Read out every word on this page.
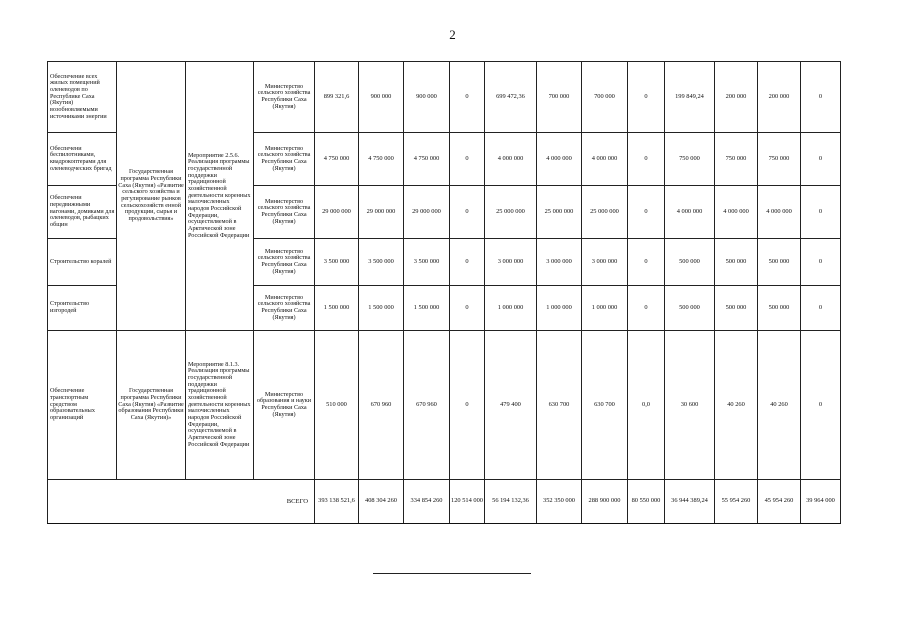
2
Обеспечение всех жилых помещений оленеводов по Республике Саха (Якутия) возобновляемыми источниками энергии	Государственная программа Республики Саха (Якутия) «Развитие сельского хозяйства и регулирование рынков сельскохозяйств енной продукции, сырья и продовольствия»	Мероприятие 2.5.6. Реализация программы государственной поддержки традиционной хозяйственной деятельности коренных малочисленных народов Российской Федерации, осуществляемой в Арктической зоне Российской Федерации	Министерство сельского хозяйства Республики Саха (Якутия)	899 321,6	900 000	900 000	0	699 472,36	700 000	700 000	0	199 849,24	200 000	200 000	0
Обеспечени беспилотниками, квадрокоптерами для оленеводческих бригад			Министерство сельского хозяйства Республики Саха (Якутия)	4 750 000	4 750 000	4 750 000	0	4 000 000	4 000 000	4 000 000	0	750 000	750 000	750 000	0
Обеспечени передвижными вагонами, домиками для оленеводов, рыбацких общин			Министерство сельского хозяйства Республики Саха (Якутия)	29 000 000	29 000 000	29 000 000	0	25 000 000	25 000 000	25 000 000	0	4 000 000	4 000 000	4 000 000	0
Строительство коралей			Министерство сельского хозяйства Республики Саха (Якутия)	3 500 000	3 500 000	3 500 000	0	3 000 000	3 000 000	3 000 000	0	500 000	500 000	500 000	0
Строительство изгородей			Министерство сельского хозяйства Республики Саха (Якутия)	1 500 000	1 500 000	1 500 000	0	1 000 000	1 000 000	1 000 000	0	500 000	500 000	500 000	0
Обеспечение транспортным средством образовательных организаций	Государственная программа Республики Саха (Якутия) «Развитие образования Республики Саха (Якутия)»	Мероприятие 8.1.3. Реализация программы государственной поддержки традиционной хозяйственной деятельности коренных малочисленных народов Российской Федерации, осуществляемой в Арктической зоне Российской Федерации	Министерство образования и науки Республики Саха (Якутия)	510 000	670 960	670 960	0	479 400	630 700	630 700	0,0	30 600	40 260	40 260	0
ВСЕГО				393 138 521,6	408 304 260	334 854 260	120 514 000	56 194 132,36	352 350 000	288 900 000	80 550 000	36 944 389,24	55 954 260	45 954 260	39 964 000
